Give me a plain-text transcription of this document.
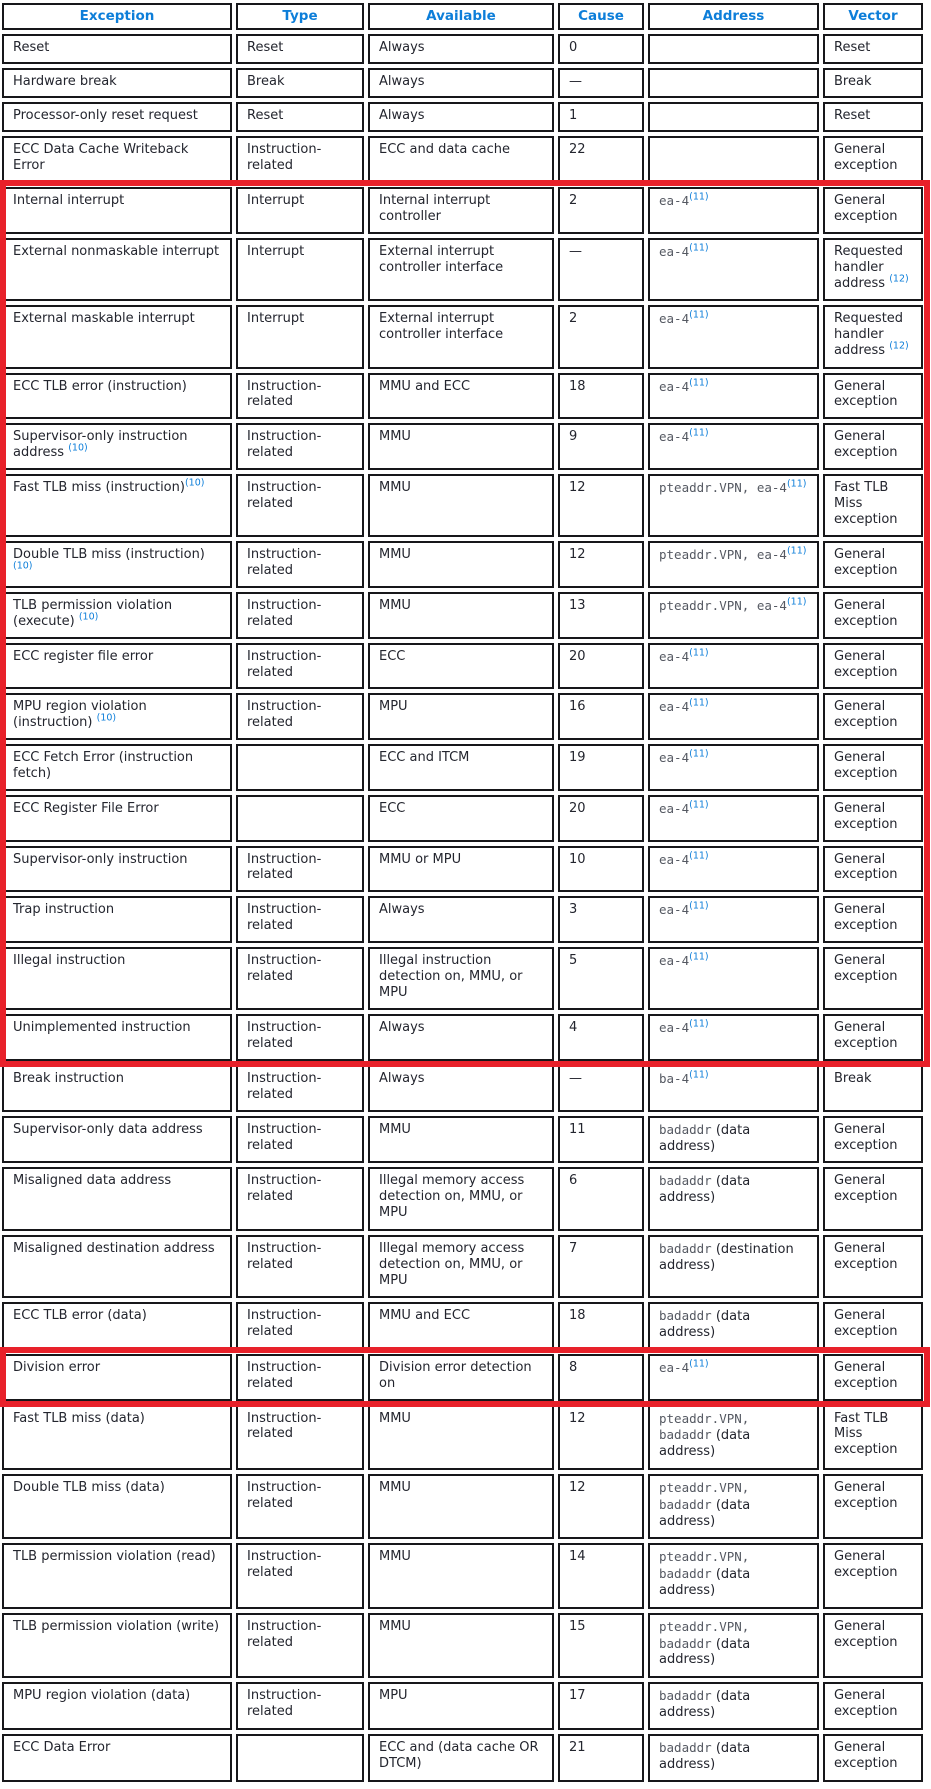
Exception	Type	Available	Cause	Address	Vector
Reset	Reset	Always	0		Reset
Hardware break	Break	Always	—		Break
Processor-only reset request	Reset	Always	1		Reset
ECC Data Cache Writeback Error	Instruction-related	ECC and data cache	22		General exception
Internal interrupt	Interrupt	Internal interrupt controller	2	ea-4$^{(11)}$	General exception
External nonmaskable interrupt	Interrupt	External interrupt controller interface	—	ea-4$^{(11)}$	Requested handler address $^{(12)}$
External maskable interrupt	Interrupt	External interrupt controller interface	2	ea-4$^{(11)}$	Requested handler address $^{(12)}$
ECC TLB error (instruction)	Instruction-related	MMU and ECC	18	ea-4$^{(11)}$	General exception
Supervisor-only instruction address $^{(10)}$	Instruction-related	MMU	9	ea-4$^{(11)}$	General exception
Fast TLB miss (instruction)$^{(10)}$	Instruction-related	MMU	12	pteaddr.VPN, ea-4$^{(11)}$	Fast TLB Miss exception
Double TLB miss (instruction) $^{(10)}$	Instruction-related	MMU	12	pteaddr.VPN, ea-4$^{(11)}$	General exception
TLB permission violation (execute) $^{(10)}$	Instruction-related	MMU	13	pteaddr.VPN, ea-4$^{(11)}$	General exception
ECC register file error	Instruction-related	ECC	20	ea-4$^{(11)}$	General exception
MPU region violation (instruction) $^{(10)}$	Instruction-related	MPU	16	ea-4$^{(11)}$	General exception
ECC Fetch Error (instruction fetch)		ECC and ITCM	19	ea-4$^{(11)}$	General exception
ECC Register File Error		ECC	20	ea-4$^{(11)}$	General exception
Supervisor-only instruction	Instruction-related	MMU or MPU	10	ea-4$^{(11)}$	General exception
Trap instruction	Instruction-related	Always	3	ea-4$^{(11)}$	General exception
Illegal instruction	Instruction-related	Illegal instruction detection on, MMU, or MPU	5	ea-4$^{(11)}$	General exception
Unimplemented instruction	Instruction-related	Always	4	ea-4$^{(11)}$	General exception
Break instruction	Instruction-related	Always	—	ba-4$^{(11)}$	Break
Supervisor-only data address	Instruction-related	MMU	11	badaddr (data address)	General exception
Misaligned data address	Instruction-related	Illegal memory access detection on, MMU, or MPU	6	badaddr (data address)	General exception
Misaligned destination address	Instruction-related	Illegal memory access detection on, MMU, or MPU	7	badaddr (destination address)	General exception
ECC TLB error (data)	Instruction-related	MMU and ECC	18	badaddr (data address)	General exception
Division error	Instruction-related	Division error detection on	8	ea-4$^{(11)}$	General exception
Fast TLB miss (data)	Instruction-related	MMU	12	pteaddr.VPN, badaddr (data address)	Fast TLB Miss exception
Double TLB miss (data)	Instruction-related	MMU	12	pteaddr.VPN, badaddr (data address)	General exception
TLB permission violation (read)	Instruction-related	MMU	14	pteaddr.VPN, badaddr (data address)	General exception
TLB permission violation (write)	Instruction-related	MMU	15	pteaddr.VPN, badaddr (data address)	General exception
MPU region violation (data)	Instruction-related	MPU	17	badaddr (data address)	General exception
ECC Data Error		ECC and (data cache OR DTCM)	21	badaddr (data address)	General exception
